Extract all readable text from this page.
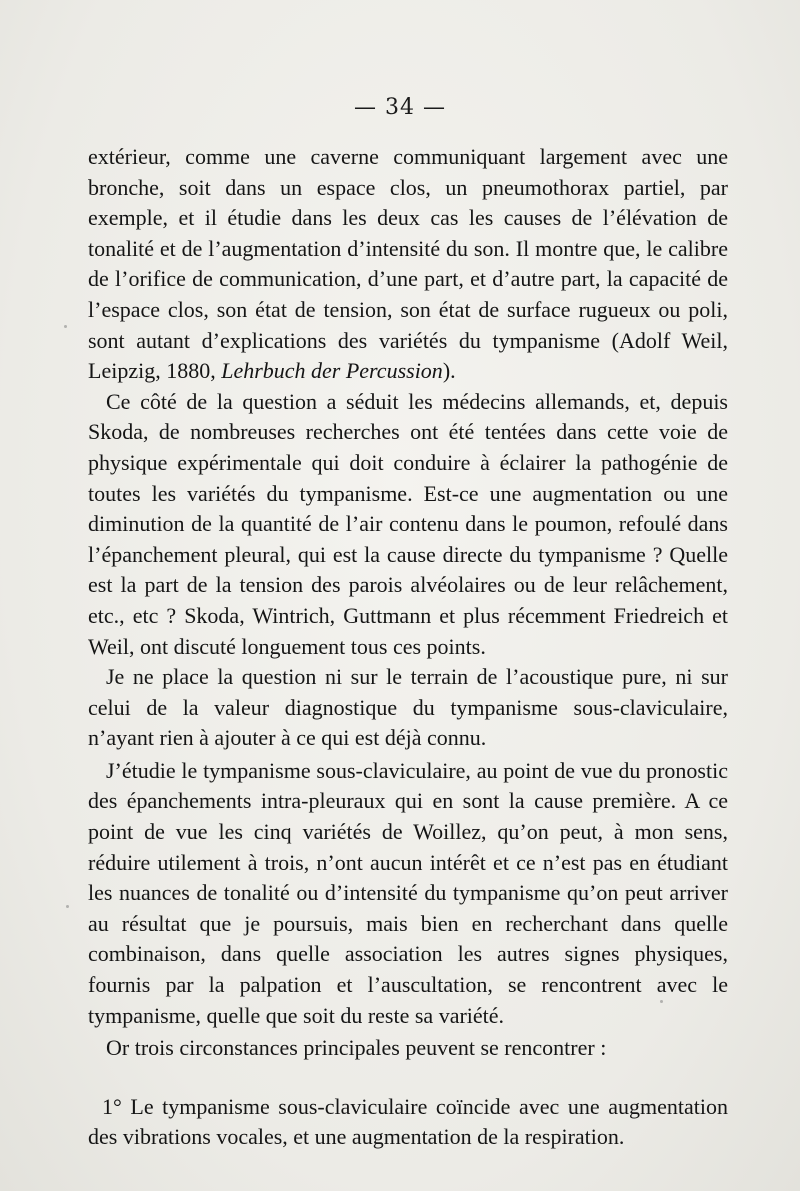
— 34 —

extérieur, comme une caverne communiquant largement avec une bronche, soit dans un espace clos, un pneumothorax partiel, par exemple, et il étudie dans les deux cas les causes de l’élévation de tonalité et de l’augmentation d’intensité du son. Il montre que, le calibre de l’orifice de communication, d’une part, et d’autre part, la capacité de l’espace clos, son état de tension, son état de surface rugueux ou poli, sont autant d’explications des variétés du tympanisme (Adolf Weil, Leipzig, 1880, Lehrbuch der Percussion).

Ce côté de la question a séduit les médecins allemands, et, depuis Skoda, de nombreuses recherches ont été tentées dans cette voie de physique expérimentale qui doit conduire à éclairer la pathogénie de toutes les variétés du tympanisme. Est-ce une augmentation ou une diminution de la quantité de l’air contenu dans le poumon, refoulé dans l’épanchement pleural, qui est la cause directe du tympanisme ? Quelle est la part de la tension des parois alvéolaires ou de leur relâchement, etc., etc ? Skoda, Wintrich, Guttmann et plus récemment Friedreich et Weil, ont discuté longuement tous ces points.

Je ne place la question ni sur le terrain de l’acoustique pure, ni sur celui de la valeur diagnostique du tympanisme sous-claviculaire, n’ayant rien à ajouter à ce qui est déjà connu.

J’étudie le tympanisme sous-claviculaire, au point de vue du pronostic des épanchements intra-pleuraux qui en sont la cause première. A ce point de vue les cinq variétés de Woillez, qu’on peut, à mon sens, réduire utilement à trois, n’ont aucun intérêt et ce n’est pas en étudiant les nuances de tonalité ou d’intensité du tympanisme qu’on peut arriver au résultat que je poursuis, mais bien en recherchant dans quelle combinaison, dans quelle association les autres signes physiques, fournis par la palpation et l’auscultation, se rencontrent avec le tympanisme, quelle que soit du reste sa variété.

Or trois circonstances principales peuvent se rencontrer :

1° Le tympanisme sous-claviculaire coïncide avec une augmentation des vibrations vocales, et une augmentation de la respiration.
